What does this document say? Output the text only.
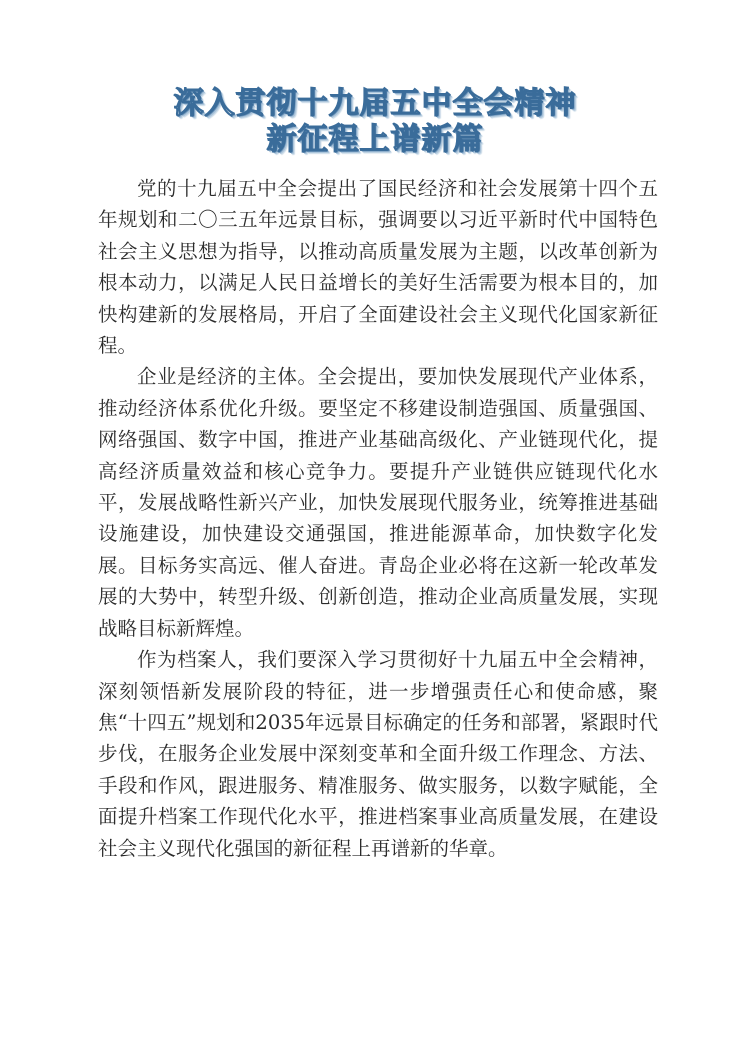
深入贯彻十九届五中全会精神
新征程上谱新篇

党的十九届五中全会提出了国民经济和社会发展第十四个五年规划和二〇三五年远景目标，强调要以习近平新时代中国特色社会主义思想为指导，以推动高质量发展为主题，以改革创新为根本动力，以满足人民日益增长的美好生活需要为根本目的，加快构建新的发展格局，开启了全面建设社会主义现代化国家新征程。

企业是经济的主体。全会提出，要加快发展现代产业体系，推动经济体系优化升级。要坚定不移建设制造强国、质量强国、网络强国、数字中国，推进产业基础高级化、产业链现代化，提高经济质量效益和核心竞争力。要提升产业链供应链现代化水平，发展战略性新兴产业，加快发展现代服务业，统筹推进基础设施建设，加快建设交通强国，推进能源革命，加快数字化发展。目标务实高远、催人奋进。青岛企业必将在这新一轮改革发展的大势中，转型升级、创新创造，推动企业高质量发展，实现战略目标新辉煌。

作为档案人，我们要深入学习贯彻好十九届五中全会精神，深刻领悟新发展阶段的特征，进一步增强责任心和使命感，聚焦“十四五”规划和2035年远景目标确定的任务和部署，紧跟时代步伐，在服务企业发展中深刻变革和全面升级工作理念、方法、手段和作风，跟进服务、精准服务、做实服务，以数字赋能，全面提升档案工作现代化水平，推进档案事业高质量发展，在建设社会主义现代化强国的新征程上再谱新的华章。
